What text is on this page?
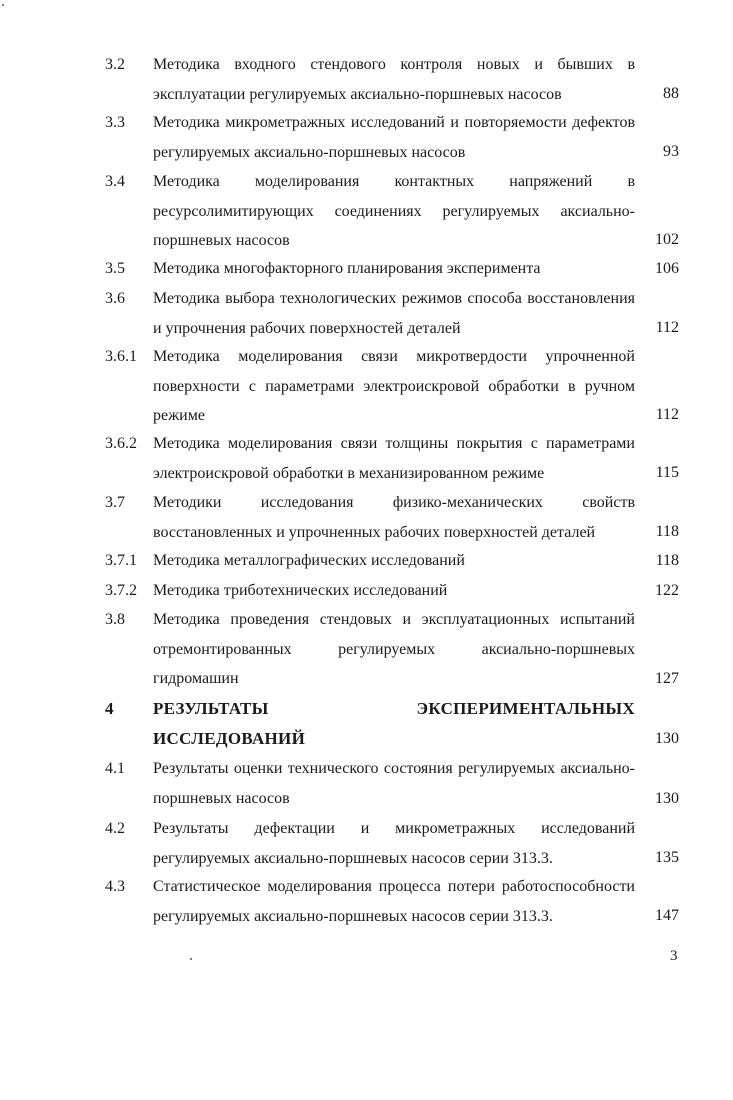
3.2 Методика входного стендового контроля новых и бывших в эксплуатации регулируемых аксиально-поршневых насосов	88
3.3 Методика микрометражных исследований и повторяемости дефектов регулируемых аксиально-поршневых насосов	93
3.4 Методика моделирования контактных напряжений в ресурсолимитирующих соединениях регулируемых аксиально-поршневых насосов	102
3.5 Методика многофакторного планирования эксперимента	106
3.6 Методика выбора технологических режимов способа восстановления и упрочнения рабочих поверхностей деталей	112
3.6.1 Методика моделирования связи микротвердости упрочненной поверхности с параметрами электроискровой обработки в ручном режиме	112
3.6.2 Методика моделирования связи толщины покрытия с параметрами электроискровой обработки в механизированном режиме	115
3.7 Методики исследования физико-механических свойств восстановленных и упрочненных рабочих поверхностей деталей	118
3.7.1 Методика металлографических исследований	118
3.7.2 Методика триботехнических исследований	122
3.8 Методика проведения стендовых и эксплуатационных испытаний отремонтированных регулируемых аксиально-поршневых гидромашин	127
4 РЕЗУЛЬТАТЫ ЭКСПЕРИМЕНТАЛЬНЫХ ИССЛЕДОВАНИЙ	130
4.1 Результаты оценки технического состояния регулируемых аксиально-поршневых насосов	130
4.2 Результаты дефектации и микрометражных исследований регулируемых аксиально-поршневых насосов серии 313.3.	135
4.3 Статистическое моделирования процесса потери работоспособности регулируемых аксиально-поршневых насосов серии 313.3.	147
3
